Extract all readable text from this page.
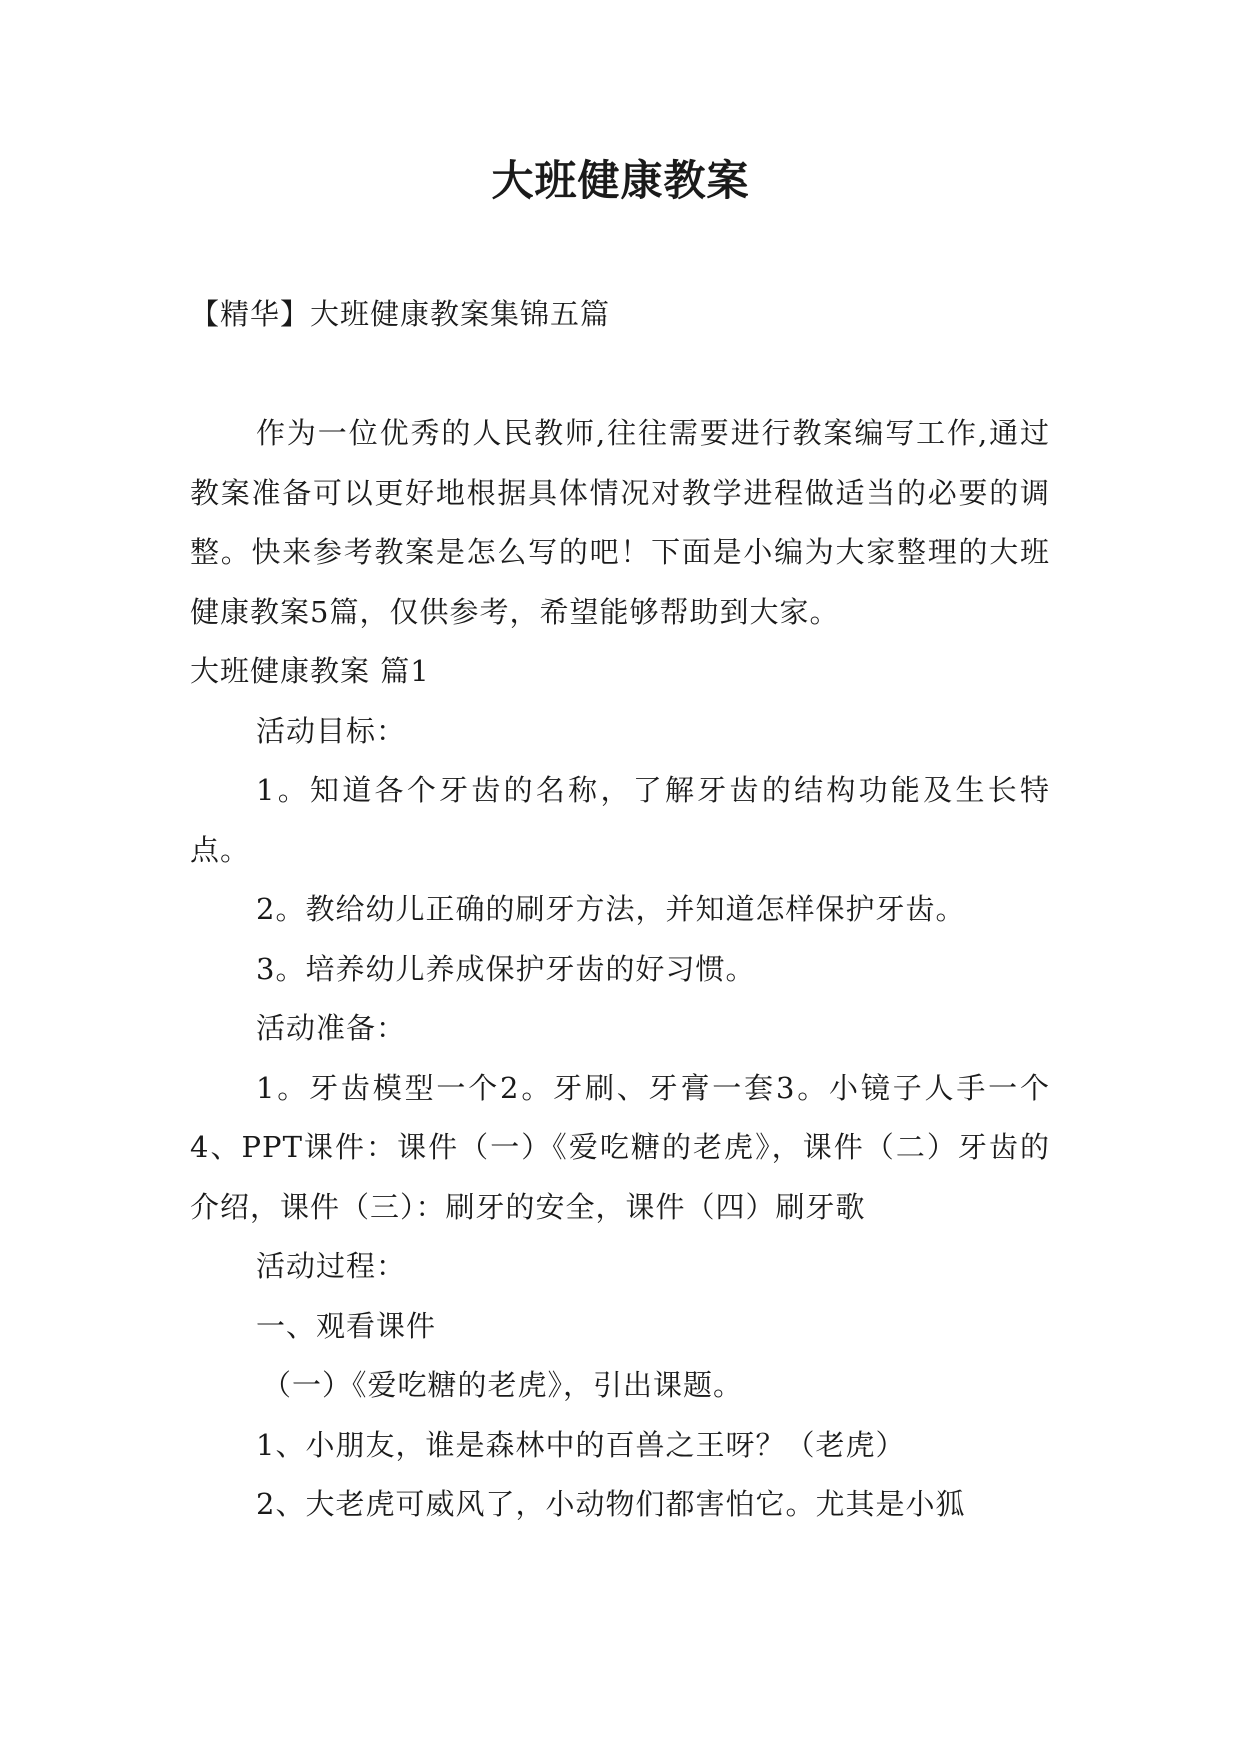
大班健康教案
【精华】大班健康教案集锦五篇

作为一位优秀的人民教师,往往需要进行教案编写工作,通过教案准备可以更好地根据具体情况对教学进程做适当的必要的调整。快来参考教案是怎么写的吧！下面是小编为大家整理的大班健康教案5篇，仅供参考，希望能够帮助到大家。

大班健康教案 篇1

活动目标：

1。知道各个牙齿的名称，了解牙齿的结构功能及生长特点。

2。教给幼儿正确的刷牙方法，并知道怎样保护牙齿。

3。培养幼儿养成保护牙齿的好习惯。

活动准备：

1。牙齿模型一个2。牙刷、牙膏一套3。小镜子人手一个4、PPT课件：课件（一）《爱吃糖的老虎》，课件（二）牙齿的介绍，课件（三）：刷牙的安全，课件（四）刷牙歌

活动过程：

一、观看课件

（一）《爱吃糖的老虎》，引出课题。

1、小朋友，谁是森林中的百兽之王呀？（老虎）

2、大老虎可威风了，小动物们都害怕它。尤其是小狐
